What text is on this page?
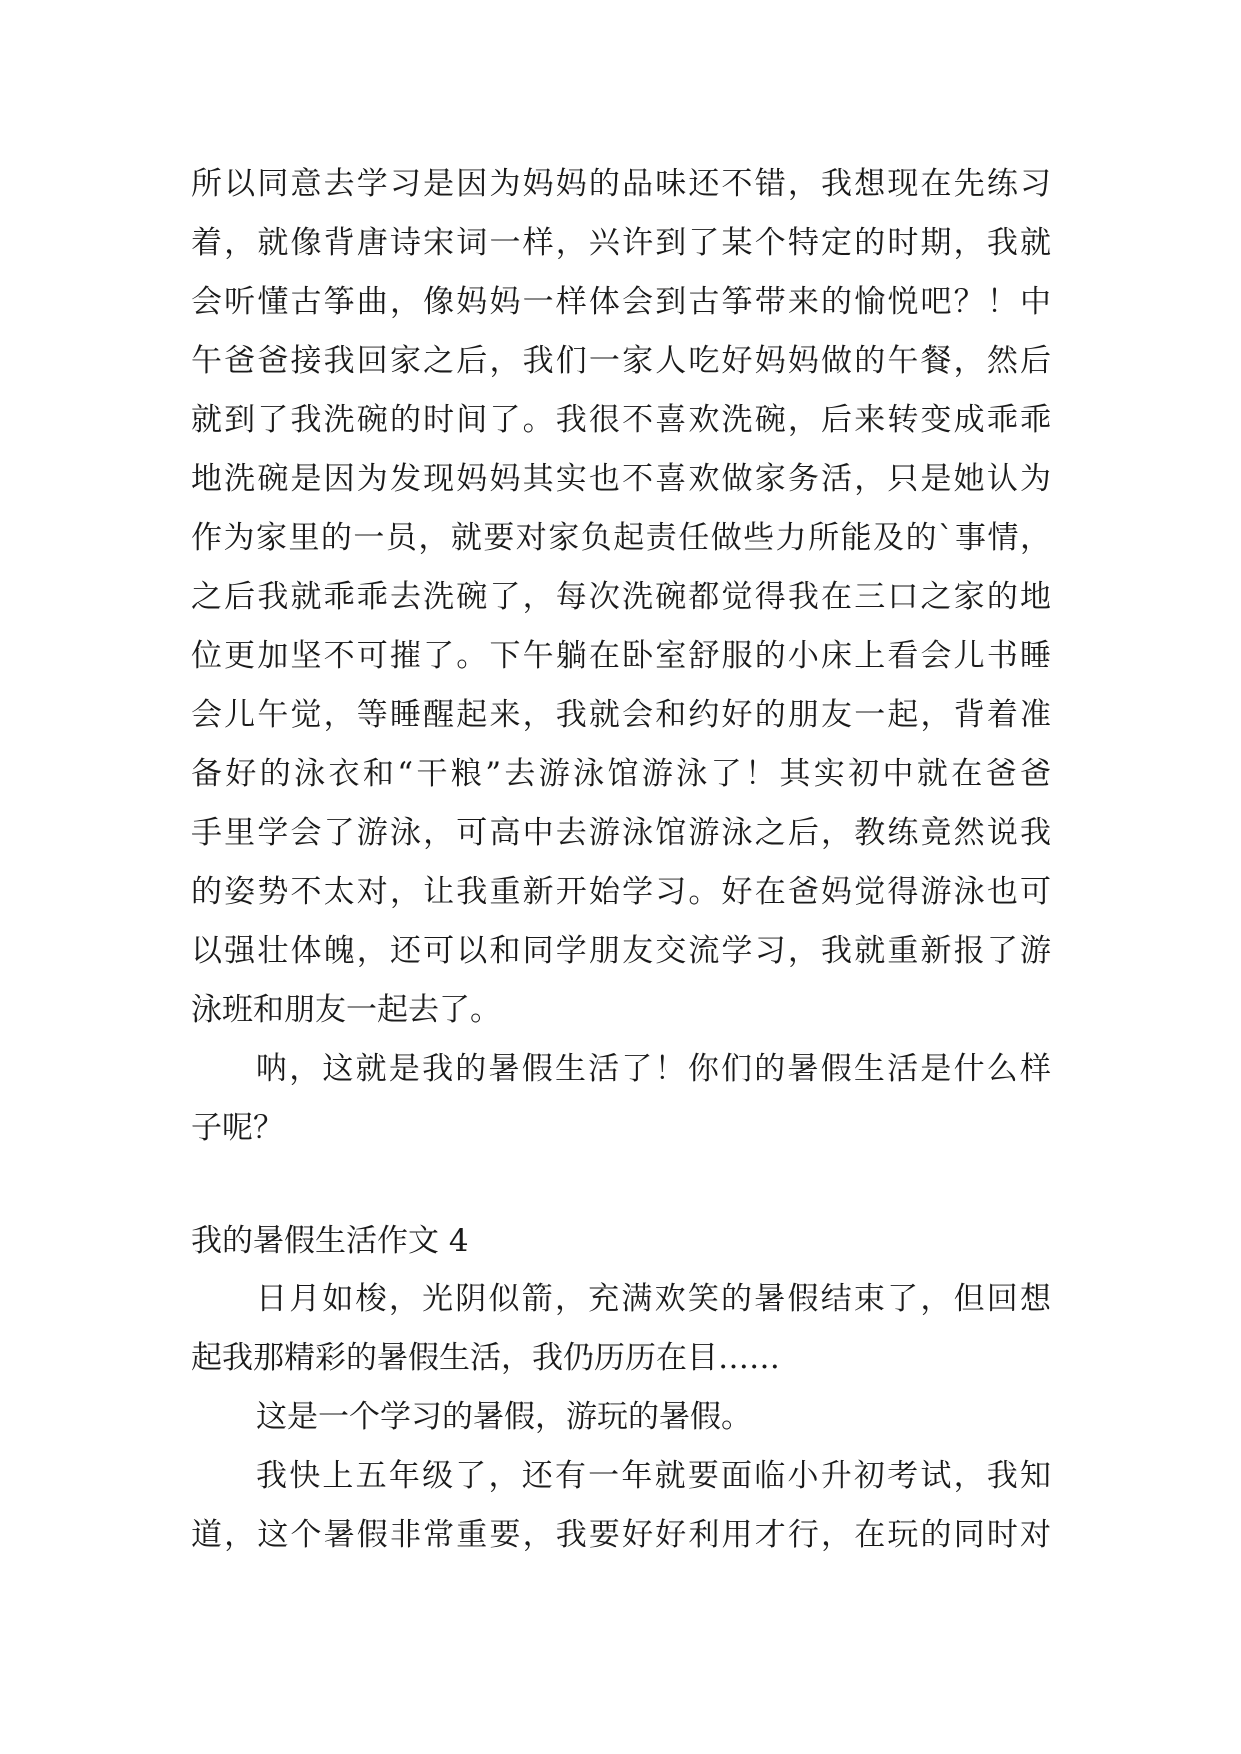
所以同意去学习是因为妈妈的品味还不错，我想现在先练习
着，就像背唐诗宋词一样，兴许到了某个特定的时期，我就
会听懂古筝曲，像妈妈一样体会到古筝带来的愉悦吧？！中
午爸爸接我回家之后，我们一家人吃好妈妈做的午餐，然后
就到了我洗碗的时间了。我很不喜欢洗碗，后来转变成乖乖
地洗碗是因为发现妈妈其实也不喜欢做家务活，只是她认为
作为家里的一员，就要对家负起责任做些力所能及的`事情，
之后我就乖乖去洗碗了，每次洗碗都觉得我在三口之家的地
位更加坚不可摧了。下午躺在卧室舒服的小床上看会儿书睡
会儿午觉，等睡醒起来，我就会和约好的朋友一起，背着准
备好的泳衣和“干粮”去游泳馆游泳了！其实初中就在爸爸
手里学会了游泳，可高中去游泳馆游泳之后，教练竟然说我
的姿势不太对，让我重新开始学习。好在爸妈觉得游泳也可
以强壮体魄，还可以和同学朋友交流学习，我就重新报了游
泳班和朋友一起去了。
呐，这就是我的暑假生活了！你们的暑假生活是什么样
子呢？
我的暑假生活作文 4
日月如梭，光阴似箭，充满欢笑的暑假结束了，但回想
起我那精彩的暑假生活，我仍历历在目……
这是一个学习的暑假，游玩的暑假。
我快上五年级了，还有一年就要面临小升初考试，我知
道，这个暑假非常重要，我要好好利用才行，在玩的同时对
